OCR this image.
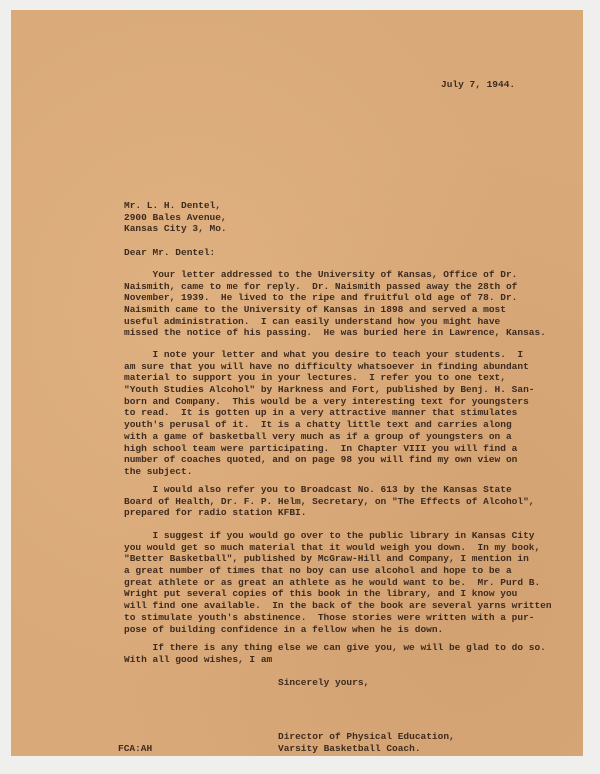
July 7, 1944.
Mr. L. H. Dentel,
2900 Bales Avenue,
Kansas City 3, Mo.
Dear Mr. Dentel:
Your letter addressed to the University of Kansas, Office of Dr.
Naismith, came to me for reply.  Dr. Naismith passed away the 28th of
November, 1939.  He lived to the ripe and fruitful old age of 78. Dr.
Naismith came to the University of Kansas in 1898 and served a most
useful administration.  I can easily understand how you might have
missed the notice of his passing.  He was buried here in Lawrence, Kansas.
I note your letter and what you desire to teach your students.  I
am sure that you will have no difficulty whatsoever in finding abundant
material to support you in your lectures.  I refer you to one text,
"Youth Studies Alcohol" by Harkness and Fort, published by Benj. H. San-
born and Company.  This would be a very interesting text for youngsters
to read.  It is gotten up in a very attractive manner that stimulates
youth's perusal of it.  It is a chatty little text and carries along
with a game of basketball very much as if a group of youngsters on a
high school team were participating.  In Chapter VIII you will find a
number of coaches quoted, and on page 98 you will find my own view on
the subject.
I would also refer you to Broadcast No. 613 by the Kansas State
Board of Health, Dr. F. P. Helm, Secretary, on "The Effects of Alcohol",
prepared for radio station KFBI.
I suggest if you would go over to the public library in Kansas City
you would get so much material that it would weigh you down.  In my book,
"Better Basketball", published by McGraw-Hill and Company, I mention in
a great number of times that no boy can use alcohol and hope to be a
great athlete or as great an athlete as he would want to be.  Mr. Purd B.
Wright put several copies of this book in the library, and I know you
will find one available.  In the back of the book are several yarns written
to stimulate youth's abstinence.  Those stories were written with a pur-
pose of building confidence in a fellow when he is down.
If there is any thing else we can give you, we will be glad to do so.
With all good wishes, I am
Sincerely yours,
Director of Physical Education,
Varsity Basketball Coach.
FCA:AH
